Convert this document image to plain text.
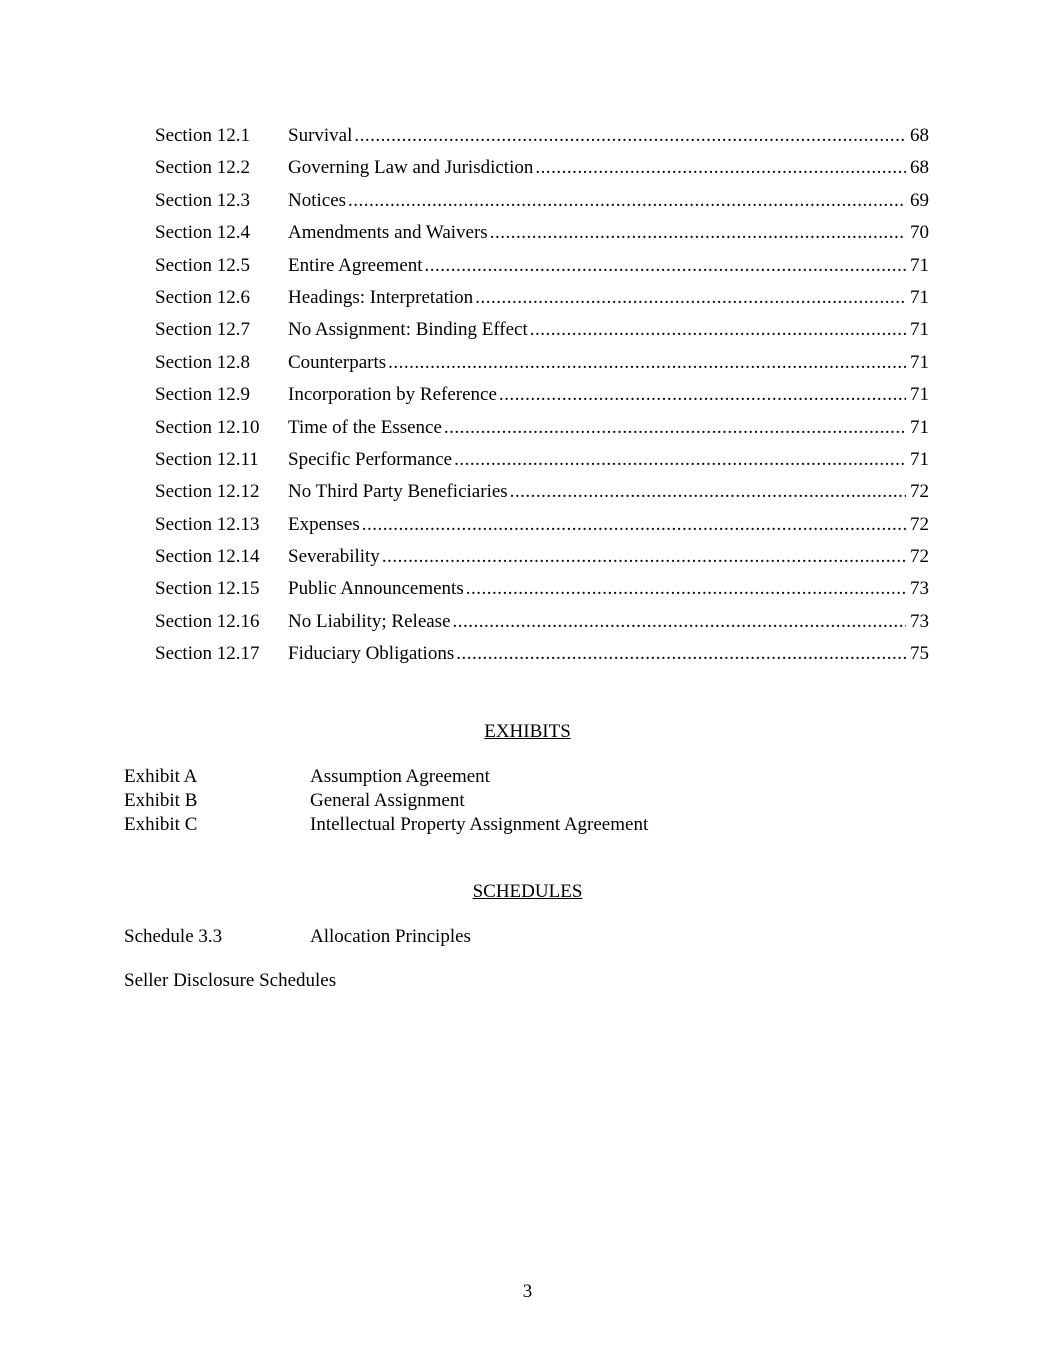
Section 12.1	Survival .....	68
Section 12.2	Governing Law and Jurisdiction .....	68
Section 12.3	Notices .....	69
Section 12.4	Amendments and Waivers .....	70
Section 12.5	Entire Agreement .....	71
Section 12.6	Headings: Interpretation .....	71
Section 12.7	No Assignment: Binding Effect .....	71
Section 12.8	Counterparts .....	71
Section 12.9	Incorporation by Reference .....	71
Section 12.10	Time of the Essence .....	71
Section 12.11	Specific Performance .....	71
Section 12.12	No Third Party Beneficiaries .....	72
Section 12.13	Expenses .....	72
Section 12.14	Severability .....	72
Section 12.15	Public Announcements .....	73
Section 12.16	No Liability; Release .....	73
Section 12.17	Fiduciary Obligations .....	75
EXHIBITS
Exhibit A	Assumption Agreement
Exhibit B	General Assignment
Exhibit C	Intellectual Property Assignment Agreement
SCHEDULES
Schedule 3.3	Allocation Principles
Seller Disclosure Schedules
3
